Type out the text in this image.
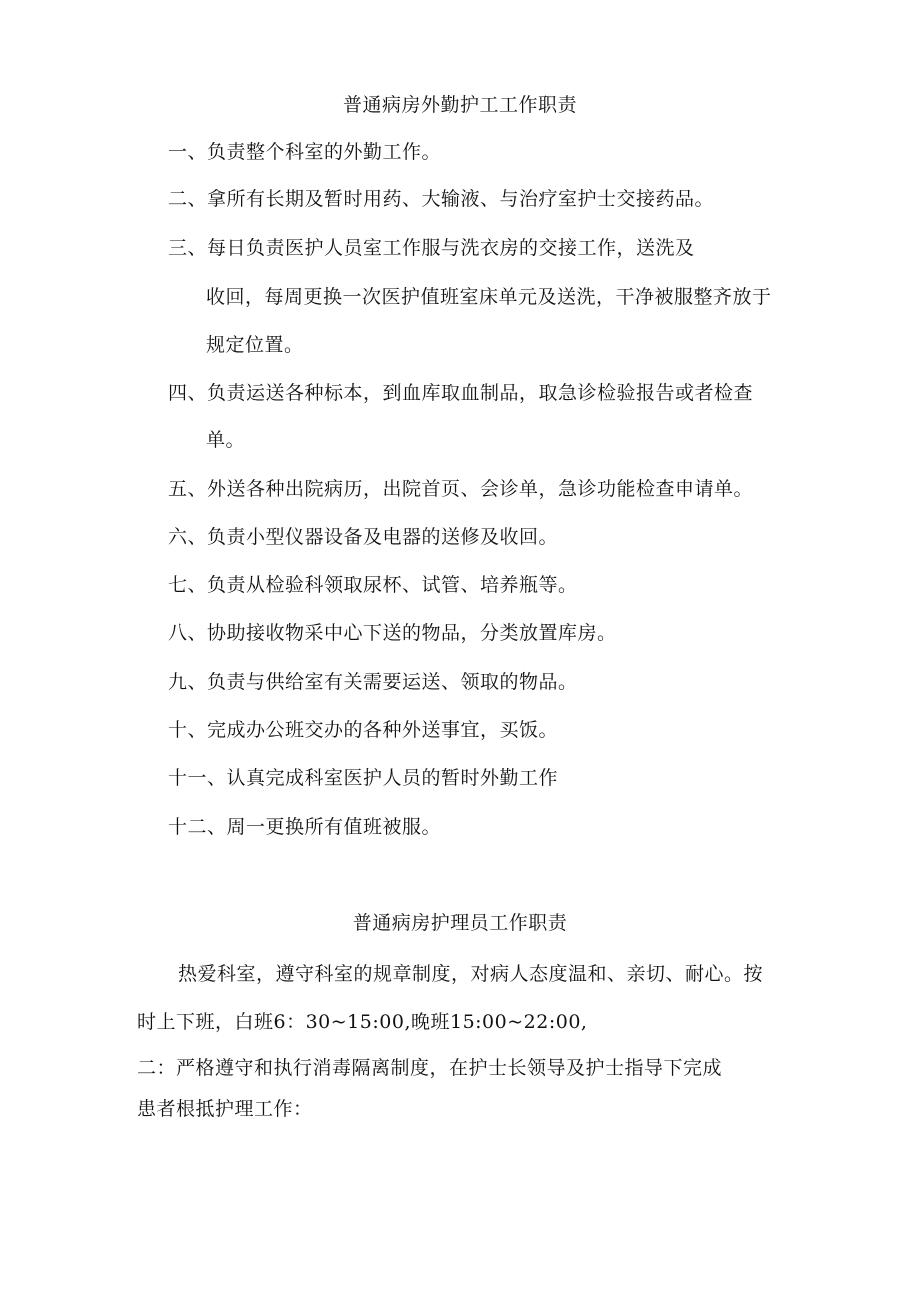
普通病房外勤护工工作职责
一、负责整个科室的外勤工作。
二、拿所有长期及暂时用药、大输液、与治疗室护士交接药品。
三、每日负责医护人员室工作服与洗衣房的交接工作，送洗及
收回，每周更换一次医护值班室床单元及送洗，干净被服整齐放于
规定位置。
四、负责运送各种标本，到血库取血制品，取急诊检验报告或者检查
单。
五、外送各种出院病历，出院首页、会诊单，急诊功能检查申请单。
六、负责小型仪器设备及电器的送修及收回。
七、负责从检验科领取尿杯、试管、培养瓶等。
八、协助接收物采中心下送的物品，分类放置库房。
九、负责与供给室有关需要运送、领取的物品。
十、完成办公班交办的各种外送事宜，买饭。
十一、认真完成科室医护人员的暂时外勤工作
十二、周一更换所有值班被服。
普通病房护理员工作职责
热爱科室，遵守科室的规章制度，对病人态度温和、亲切、耐心。按
时上下班，白班6：30~15:00,晚班15:00~22:00,
二：严格遵守和执行消毒隔离制度，在护士长领导及护士指导下完成
患者根抵护理工作：
